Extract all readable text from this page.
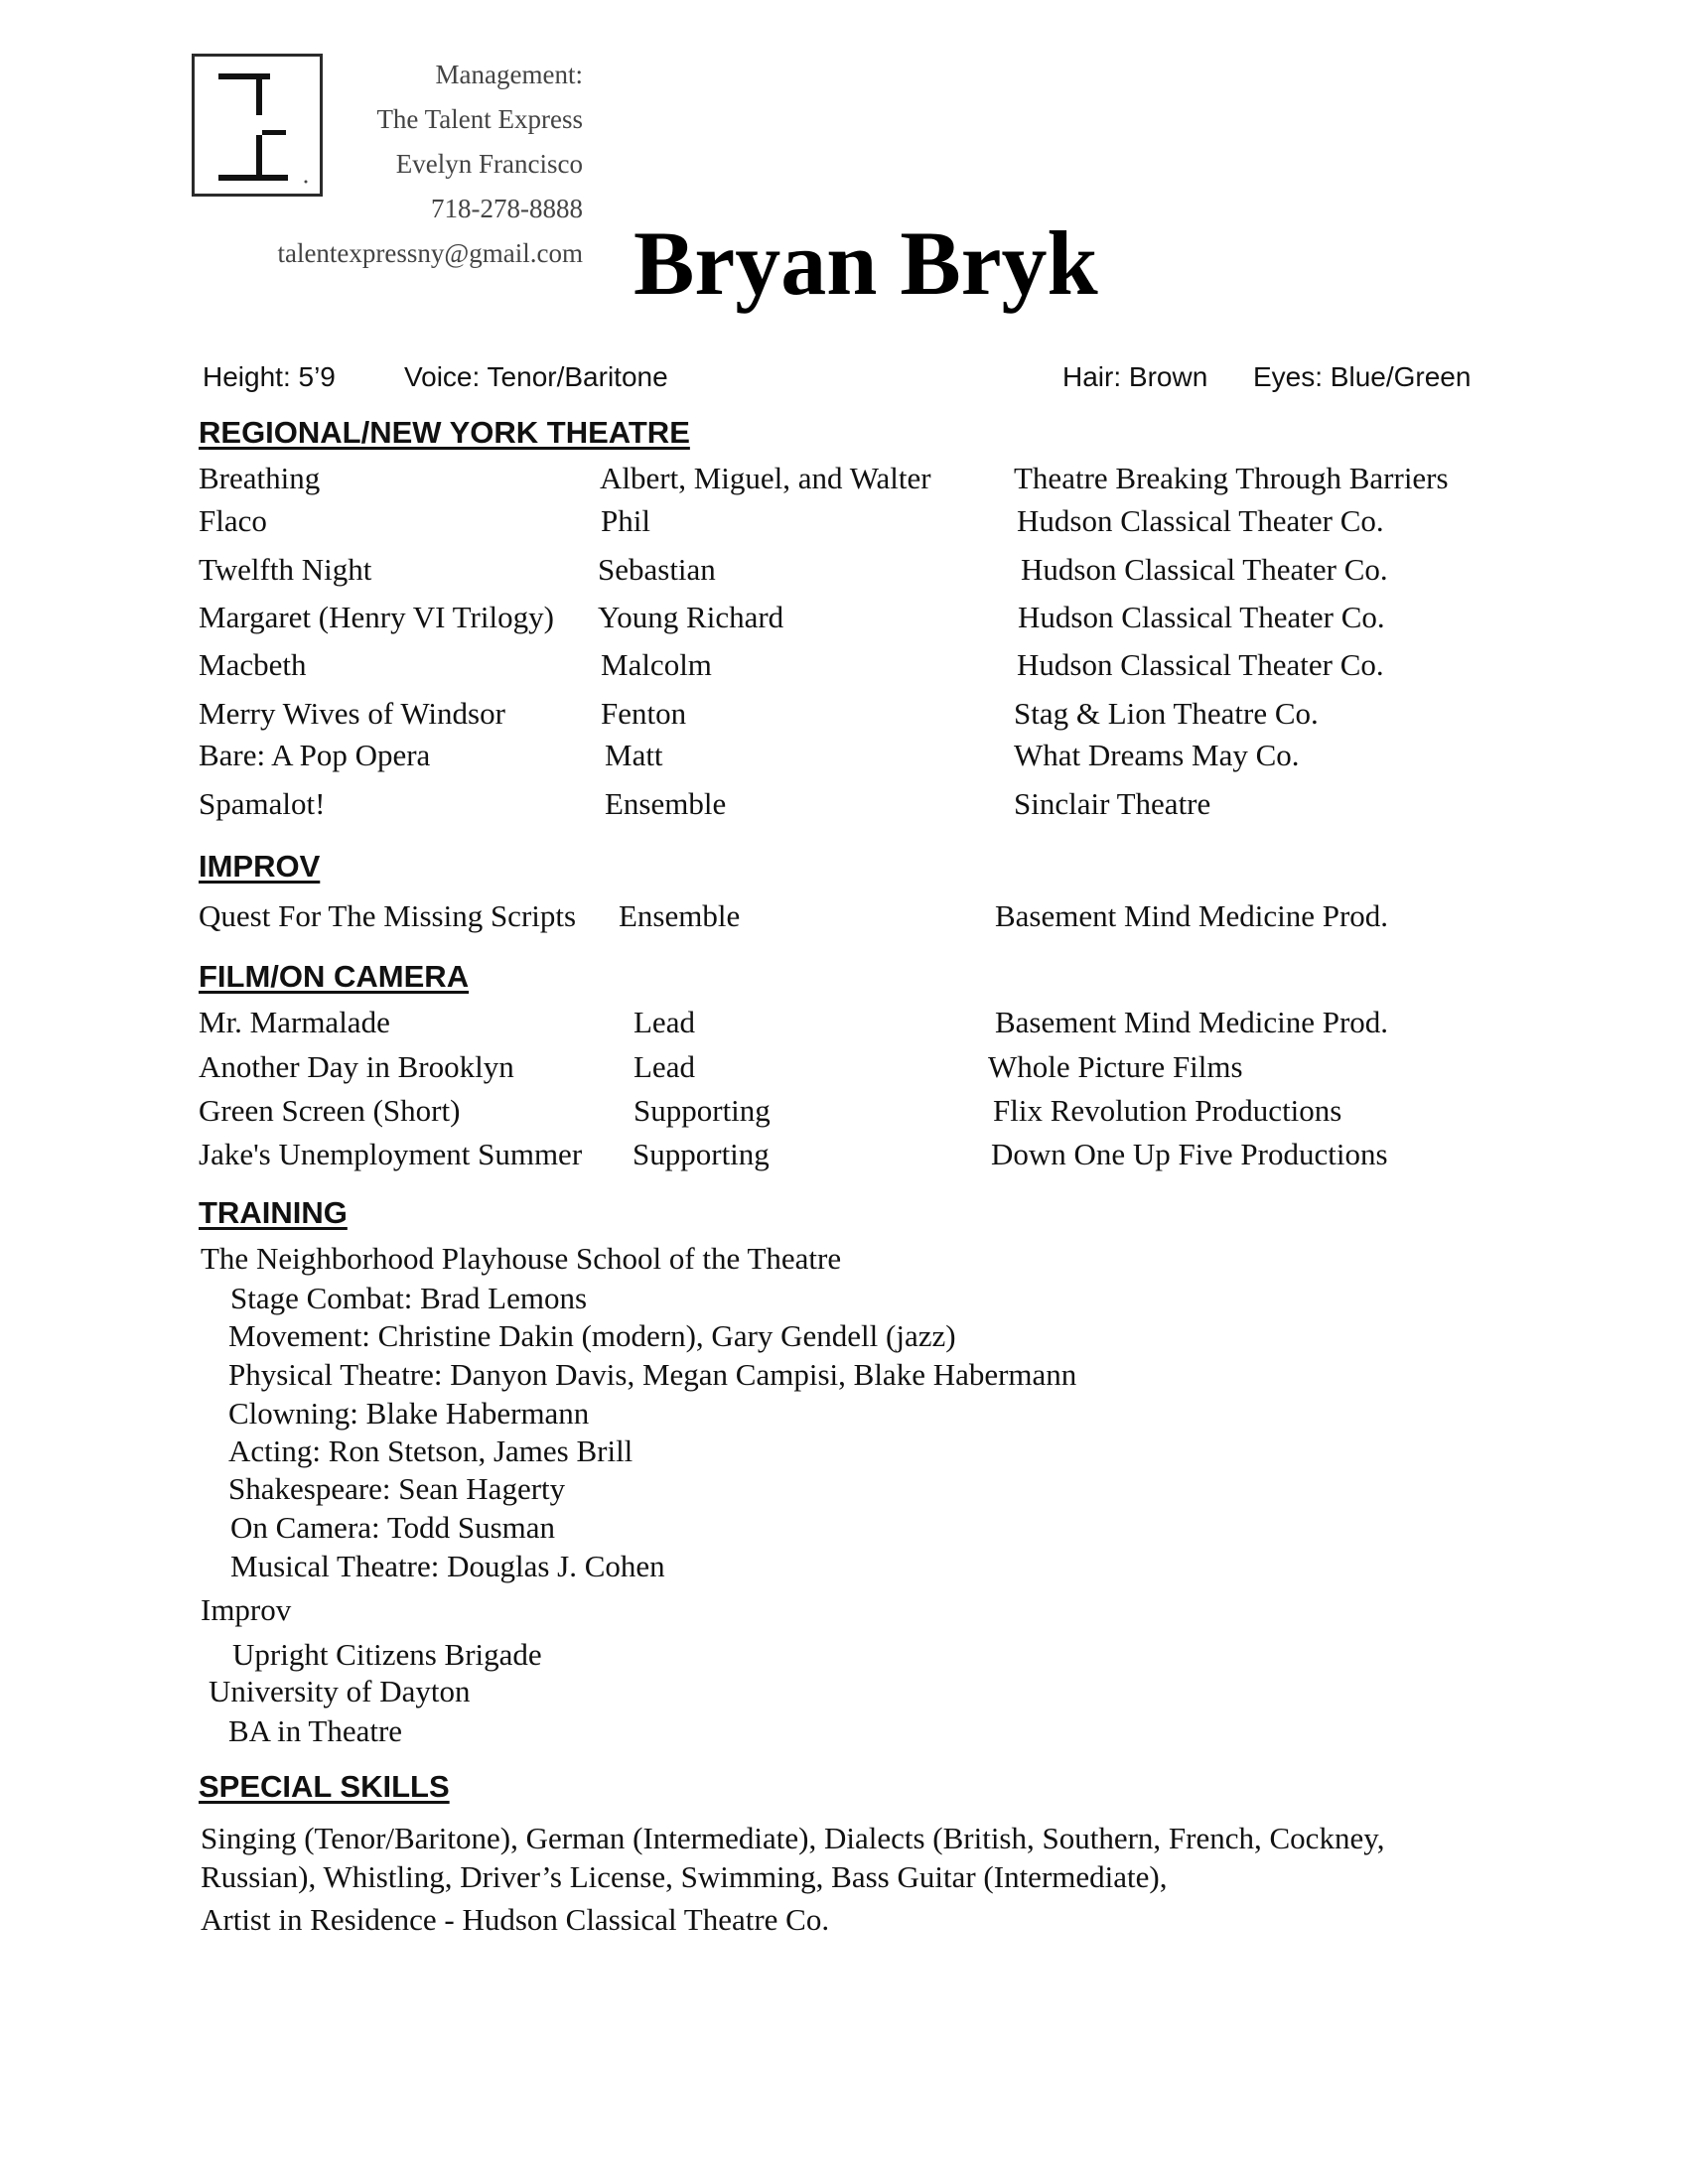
Management:
The Talent Express
Evelyn Francisco
718-278-8888
talentexpressny@gmail.com Bryan Bryk
Height: 5’9 Voice: Tenor/Baritone	Hair: Brown Eyes: Blue/Green
REGIONAL/NEW YORK THEATRE
Breathing	Albert, Miguel, and Walter	Theatre Breaking Through Barriers
Flaco	Phil	Hudson Classical Theater Co.
Twelfth Night	Sebastian	Hudson Classical Theater Co.
Margaret (Henry VI Trilogy) Young Richard	Hudson Classical Theater Co.
Macbeth	Malcolm	Hudson Classical Theater Co.
Merry Wives of Windsor	Fenton	Stag & Lion Theatre Co.
Bare: A Pop Opera	Matt	What Dreams May Co.
Spamalot!	Ensemble	Sinclair Theatre
IMPROV
Quest For The Missing Scripts Ensemble	Basement Mind Medicine Prod.
FILM/ON CAMERA
Mr. Marmalade	Lead	Basement Mind Medicine Prod.
Another Day in Brooklyn	Lead	Whole Picture Films
Green Screen (Short)	Supporting	Flix Revolution Productions
Jake's Unemployment Summer Supporting	Down One Up Five Productions
TRAINING
The Neighborhood Playhouse School of the Theatre
Stage Combat: Brad Lemons
Movement: Christine Dakin (modern), Gary Gendell (jazz)
Physical Theatre: Danyon Davis, Megan Campisi, Blake Habermann
Clowning: Blake Habermann
Acting: Ron Stetson, James Brill
Shakespeare: Sean Hagerty
On Camera: Todd Susman
Musical Theatre: Douglas J. Cohen
Improv
Upright Citizens Brigade
University of Dayton
BA in Theatre
SPECIAL SKILLS
Singing (Tenor/Baritone), German (Intermediate), Dialects (British, Southern, French, Cockney,
Russian), Whistling, Driver’s License, Swimming, Bass Guitar (Intermediate),
Artist in Residence - Hudson Classical Theatre Co.
